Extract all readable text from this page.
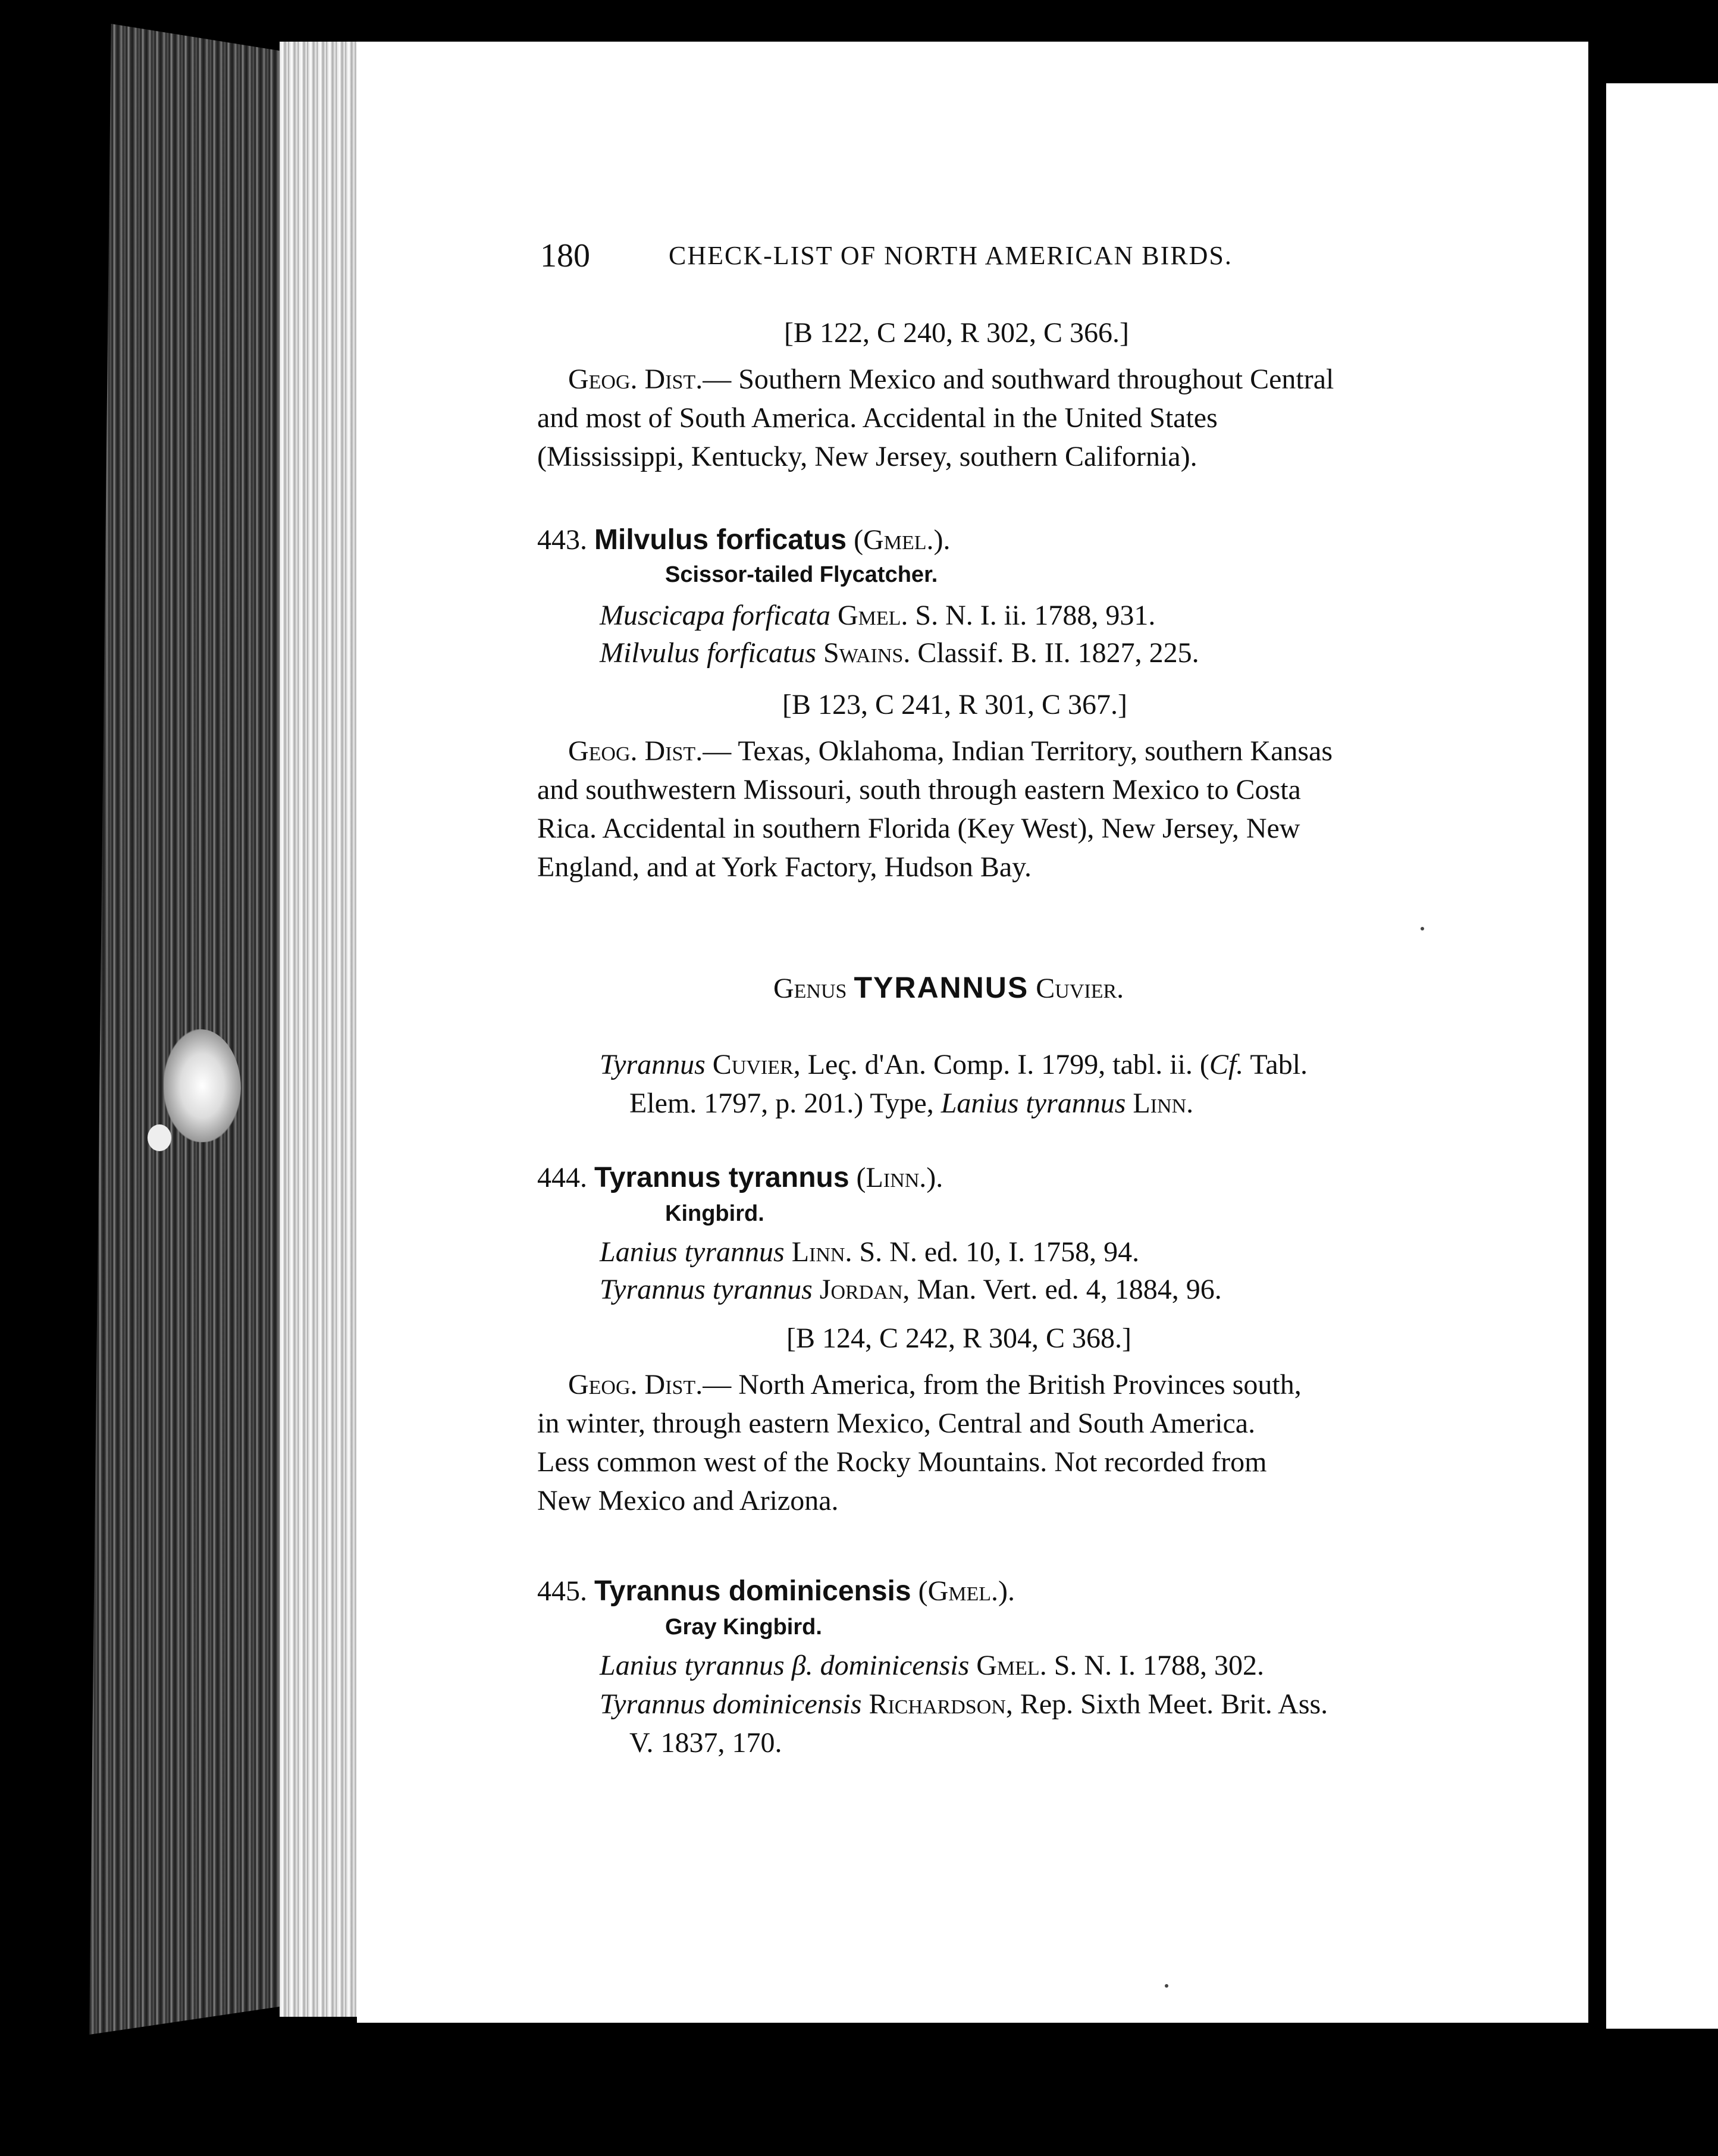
180	CHECK-LIST OF NORTH AMERICAN BIRDS.
[B 122, C 240, R 302, C 366.]
Geog. Dist.— Southern Mexico and southward throughout Central
and most of South America. Accidental in the United States
(Mississippi, Kentucky, New Jersey, southern California).
443. Milvulus forficatus (Gmel.).
Scissor-tailed Flycatcher.
Muscicapa forficata Gmel. S. N. I. ii. 1788, 931.
Milvulus forficatus Swains. Classif. B. II. 1827, 225.
[B 123, C 241, R 301, C 367.]
Geog. Dist.— Texas, Oklahoma, Indian Territory, southern Kansas
and southwestern Missouri, south through eastern Mexico to Costa
Rica. Accidental in southern Florida (Key West), New Jersey, New
England, and at York Factory, Hudson Bay.
Genus TYRANNUS Cuvier.
Tyrannus Cuvier, Leç. d'An. Comp. I. 1799, tabl. ii. (Cf. Tabl.
Elem. 1797, p. 201.) Type, Lanius tyrannus Linn.
444. Tyrannus tyrannus (Linn.).
Kingbird.
Lanius tyrannus Linn. S. N. ed. 10, I. 1758, 94.
Tyrannus tyrannus Jordan, Man. Vert. ed. 4, 1884, 96.
[B 124, C 242, R 304, C 368.]
Geog. Dist.— North America, from the British Provinces south,
in winter, through eastern Mexico, Central and South America.
Less common west of the Rocky Mountains. Not recorded from
New Mexico and Arizona.
445. Tyrannus dominicensis (Gmel.).
Gray Kingbird.
Lanius tyrannus β. dominicensis Gmel. S. N. I. 1788, 302.
Tyrannus dominicensis Richardson, Rep. Sixth Meet. Brit. Ass.
V. 1837, 170.
